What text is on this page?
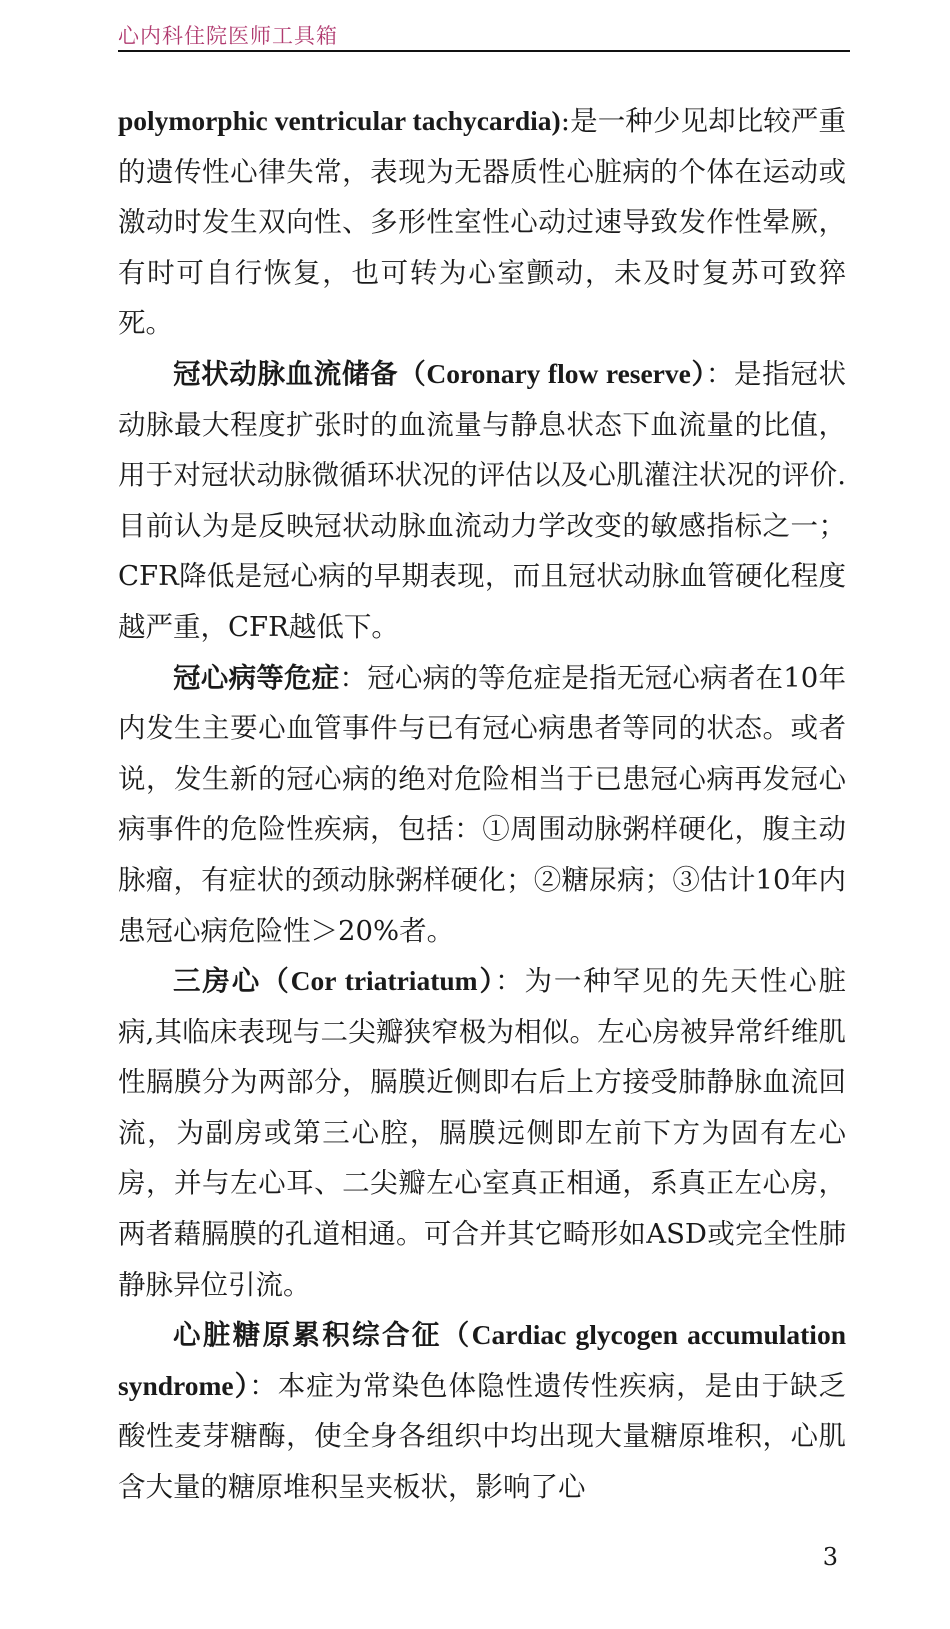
心内科住院医师工具箱

polymorphic ventricular tachycardia):是一种少见却比较严重的遗传性心律失常，表现为无器质性心脏病的个体在运动或激动时发生双向性、多形性室性心动过速导致发作性晕厥，有时可自行恢复，也可转为心室颤动，未及时复苏可致猝死。

冠状动脉血流储备（Coronary flow reserve）：是指冠状动脉最大程度扩张时的血流量与静息状态下血流量的比值，用于对冠状动脉微循环状况的评估以及心肌灌注状况的评价. 目前认为是反映冠状动脉血流动力学改变的敏感指标之一；CFR降低是冠心病的早期表现，而且冠状动脉血管硬化程度越严重，CFR越低下。

冠心病等危症：冠心病的等危症是指无冠心病者在10年内发生主要心血管事件与已有冠心病患者等同的状态。或者说，发生新的冠心病的绝对危险相当于已患冠心病再发冠心病事件的危险性疾病，包括：①周围动脉粥样硬化，腹主动脉瘤，有症状的颈动脉粥样硬化；②糖尿病；③估计10年内患冠心病危险性＞20%者。

三房心（Cor triatriatum）：为一种罕见的先天性心脏病,其临床表现与二尖瓣狭窄极为相似。左心房被异常纤维肌性膈膜分为两部分，膈膜近侧即右后上方接受肺静脉血流回流，为副房或第三心腔，膈膜远侧即左前下方为固有左心房，并与左心耳、二尖瓣左心室真正相通，系真正左心房，两者藉膈膜的孔道相通。可合并其它畸形如ASD或完全性肺静脉异位引流。

心脏糖原累积综合征（Cardiac glycogen accumulation syndrome）：本症为常染色体隐性遗传性疾病，是由于缺乏酸性麦芽糖酶，使全身各组织中均出现大量糖原堆积，心肌含大量的糖原堆积呈夹板状，影响了心

3
